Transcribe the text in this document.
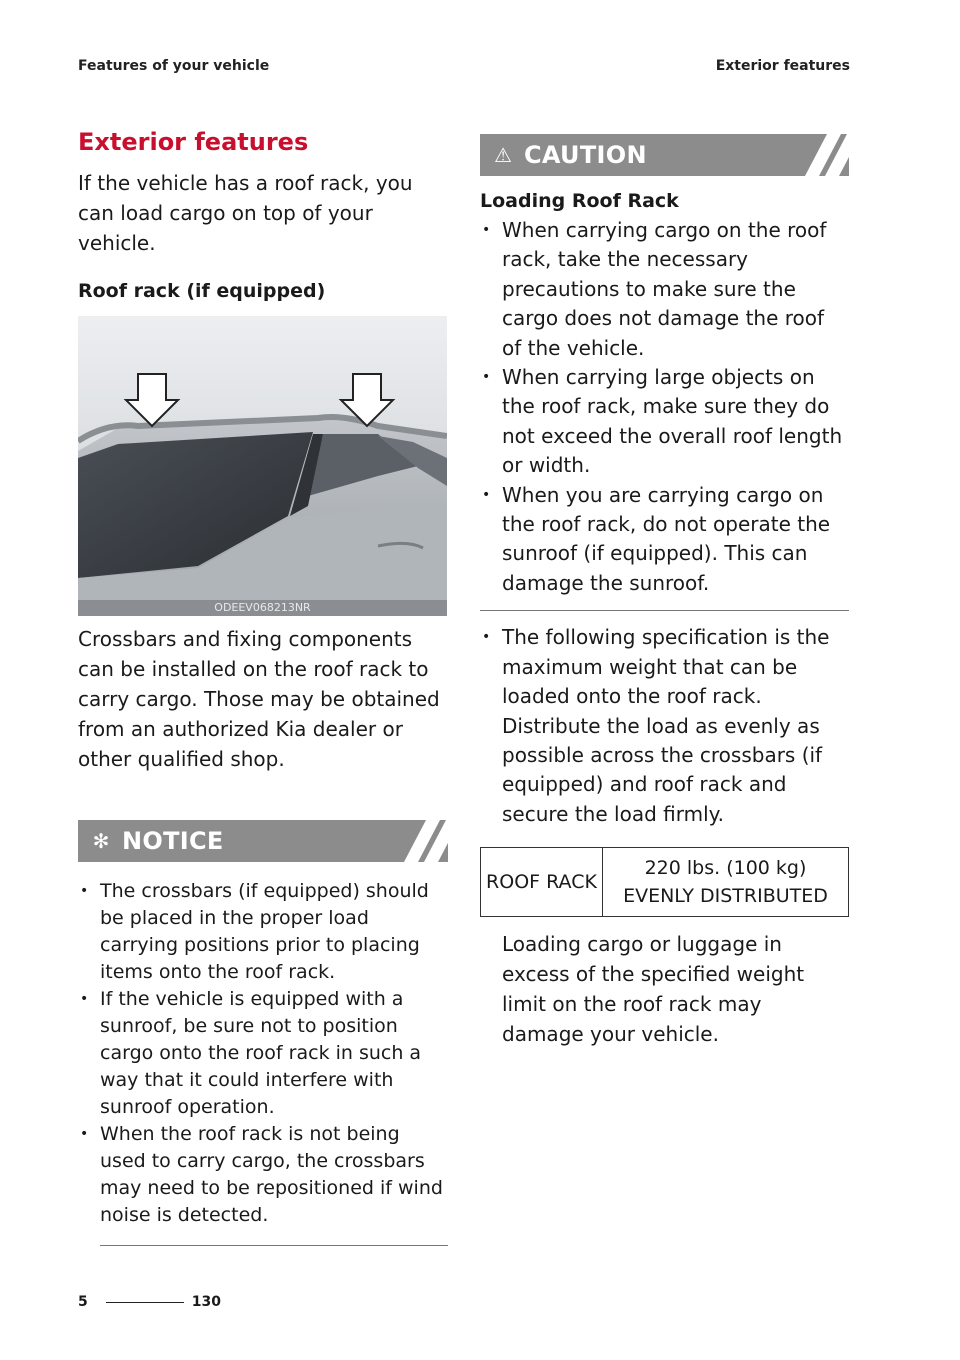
Features of your vehicle	Exterior features
Exterior features

If the vehicle has a roof rack, you can load cargo on top of your vehicle.

Roof rack (if equipped)
ODEEV068213NR

Crossbars and fixing components can be installed on the roof rack to carry cargo. Those may be obtained from an authorized Kia dealer or other qualified shop.

✻ NOTICE
• The crossbars (if equipped) should be placed in the proper load carrying positions prior to placing items onto the roof rack.
• If the vehicle is equipped with a sunroof, be sure not to position cargo onto the roof rack in such a way that it could interfere with sunroof operation.
• When the roof rack is not being used to carry cargo, the crossbars may need to be repositioned if wind noise is detected.
⚠ CAUTION
Loading Roof Rack
• When carrying cargo on the roof rack, take the necessary precautions to make sure the cargo does not damage the roof of the vehicle.
• When carrying large objects on the roof rack, make sure they do not exceed the overall roof length or width.
• When you are carrying cargo on the roof rack, do not operate the sunroof (if equipped). This can damage the sunroof.
• The following specification is the maximum weight that can be loaded onto the roof rack. Distribute the load as evenly as possible across the crossbars (if equipped) and roof rack and secure the load firmly.
ROOF RACK	220 lbs. (100 kg) EVENLY DISTRIBUTED

Loading cargo or luggage in excess of the specified weight limit on the roof rack may damage your vehicle.

5	130
